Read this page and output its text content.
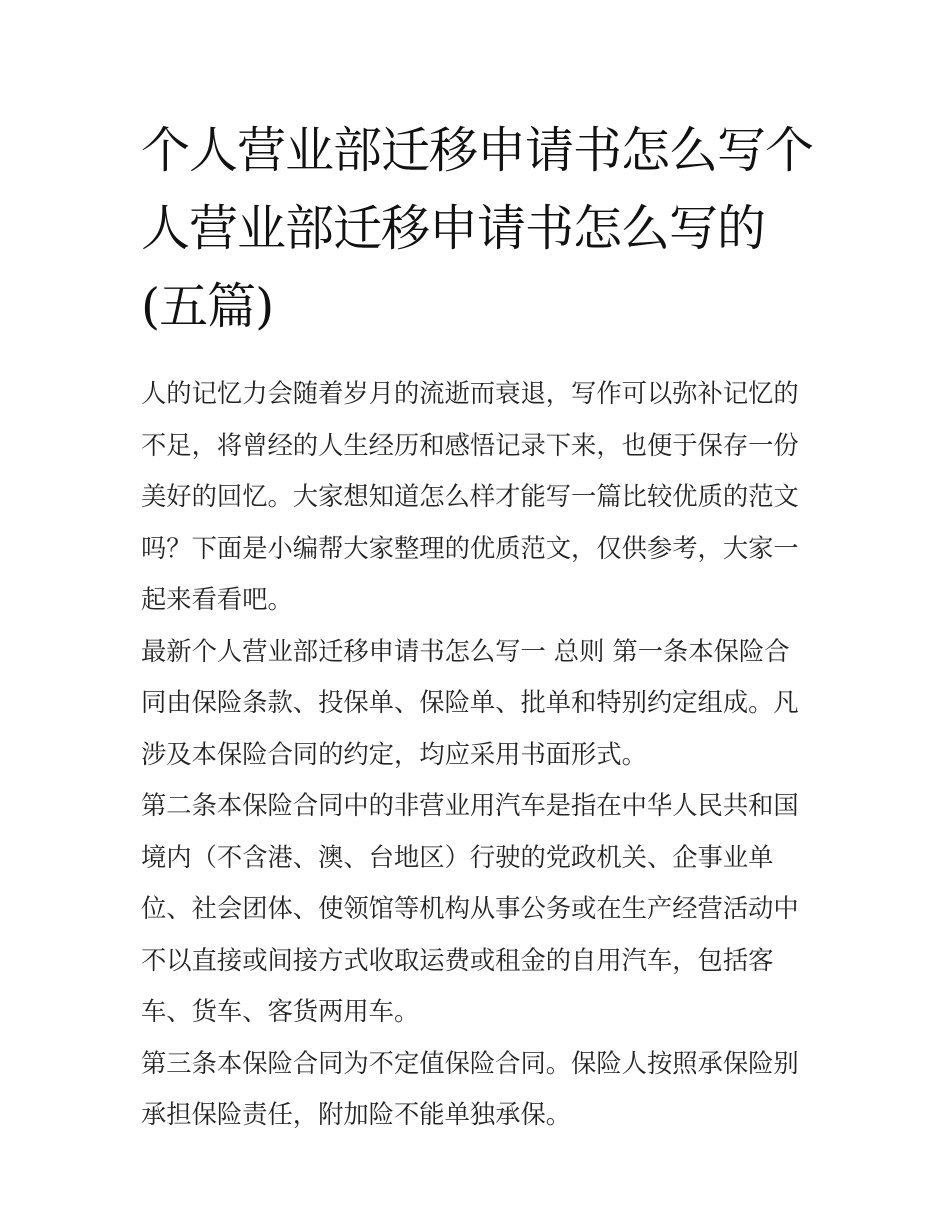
个人营业部迁移申请书怎么写个人营业部迁移申请书怎么写的(五篇)

人的记忆力会随着岁月的流逝而衰退，写作可以弥补记忆的不足，将曾经的人生经历和感悟记录下来，也便于保存一份美好的回忆。大家想知道怎么样才能写一篇比较优质的范文吗？下面是小编帮大家整理的优质范文，仅供参考，大家一起来看看吧。

最新个人营业部迁移申请书怎么写一 总则 第一条本保险合同由保险条款、投保单、保险单、批单和特别约定组成。凡涉及本保险合同的约定，均应采用书面形式。

第二条本保险合同中的非营业用汽车是指在中华人民共和国境内（不含港、澳、台地区）行驶的党政机关、企事业单位、社会团体、使领馆等机构从事公务或在生产经营活动中不以直接或间接方式收取运费或租金的自用汽车，包括客车、货车、客货两用车。

第三条本保险合同为不定值保险合同。保险人按照承保险别承担保险责任，附加险不能单独承保。
